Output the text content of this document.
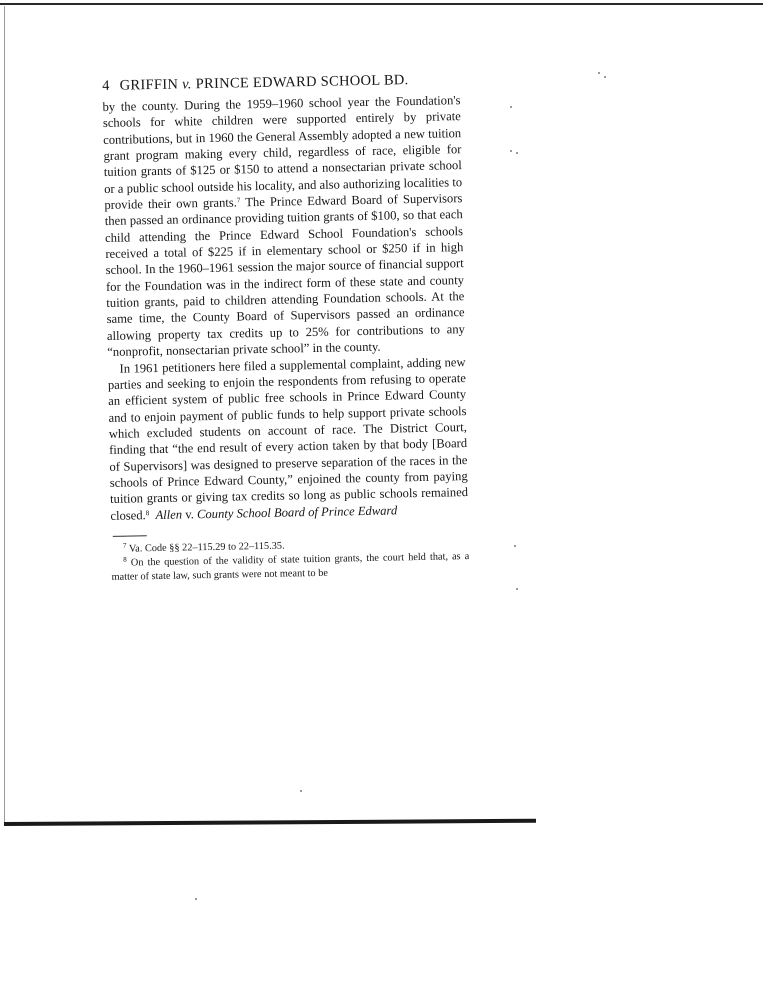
4 GRIFFIN v. PRINCE EDWARD SCHOOL BD.

by the county. During the 1959–1960 school year the Foundation's schools for white children were supported entirely by private contributions, but in 1960 the General Assembly adopted a new tuition grant program making every child, regardless of race, eligible for tuition grants of $125 or $150 to attend a nonsectarian private school or a public school outside his locality, and also authorizing localities to provide their own grants.$^7$ The Prince Edward Board of Supervisors then passed an ordinance providing tuition grants of $100, so that each child attending the Prince Edward School Foundation's schools received a total of $225 if in elementary school or $250 if in high school. In the 1960–1961 session the major source of financial support for the Foundation was in the indirect form of these state and county tuition grants, paid to children attending Foundation schools. At the same time, the County Board of Supervisors passed an ordinance allowing property tax credits up to 25% for contributions to any “nonprofit, nonsectarian private school” in the county.

In 1961 petitioners here filed a supplemental complaint, adding new parties and seeking to enjoin the respondents from refusing to operate an efficient system of public free schools in Prince Edward County and to enjoin payment of public funds to help support private schools which excluded students on account of race. The District Court, finding that “the end result of every action taken by that body [Board of Supervisors] was designed to preserve separation of the races in the schools of Prince Edward County,” enjoined the county from paying tuition grants or giving tax credits so long as public schools remained closed.$^8$ Allen v. County School Board of Prince Edward

$^7$ Va. Code §§ 22–115.29 to 22–115.35.

$^8$ On the question of the validity of state tuition grants, the court held that, as a matter of state law, such grants were not meant to be
